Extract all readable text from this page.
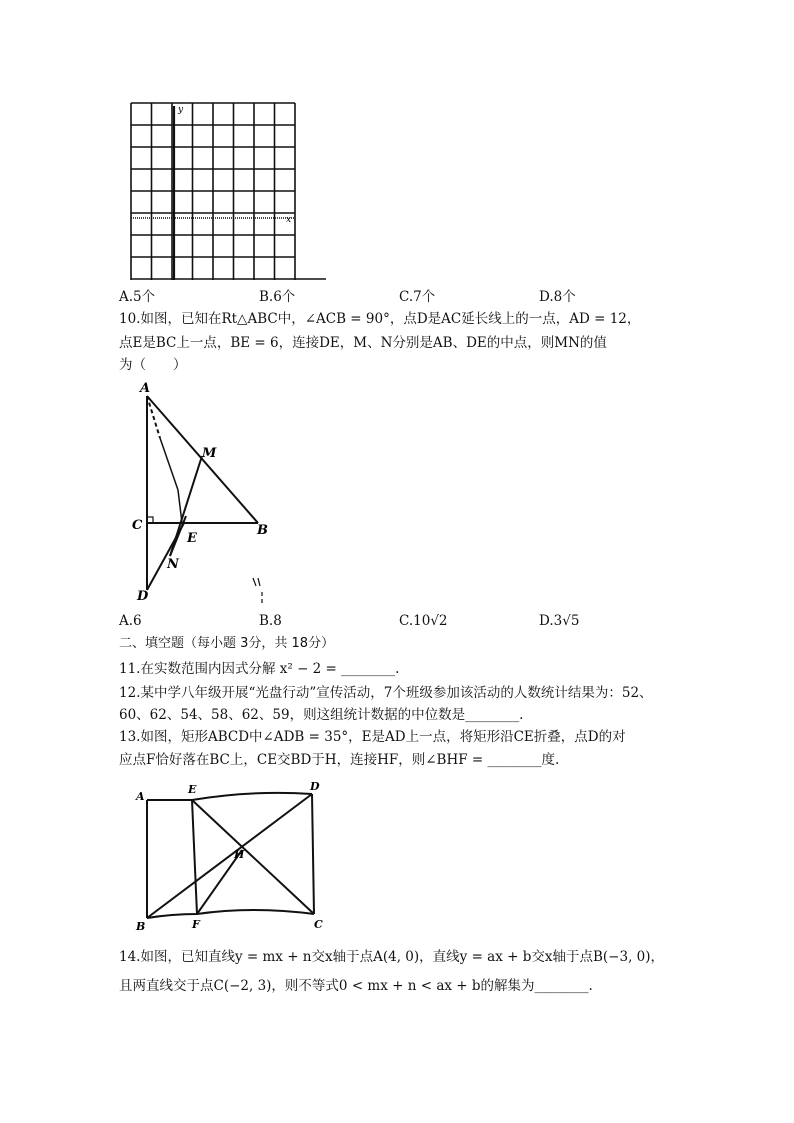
y
x
A.5个	B.6个	C.7个	D.8个
10.如图，已知在Rt△ABC中，∠ACB = 90°，点D是AC延长线上的一点，AD = 12，
点E是BC上一点，BE = 6，连接DE，M、N分别是AB、DE的中点，则MN的值
为（　　）
A
M
C
E
B
N
D
A.6	B.8	C.10√2	D.3√5
二、填空题（每小题 3分，共 18分）
11.在实数范围内因式分解 x² − 2 = ________.
12.某中学八年级开展“光盘行动”宣传活动，7个班级参加该活动的人数统计结果为：52、
60、62、54、58、62、59，则这组统计数据的中位数是________.
13.如图，矩形ABCD中∠ADB = 35°，E是AD上一点，将矩形沿CE折叠，点D的对
应点F恰好落在BC上，CE交BD于H，连接HF，则∠BHF = ________度.
A
E	D
H
B	F	C
14.如图，已知直线y = mx + n交x轴于点A(4, 0)，直线y = ax + b交x轴于点B(−3, 0)，
且两直线交于点C(−2, 3)，则不等式0 < mx + n < ax + b的解集为________.
